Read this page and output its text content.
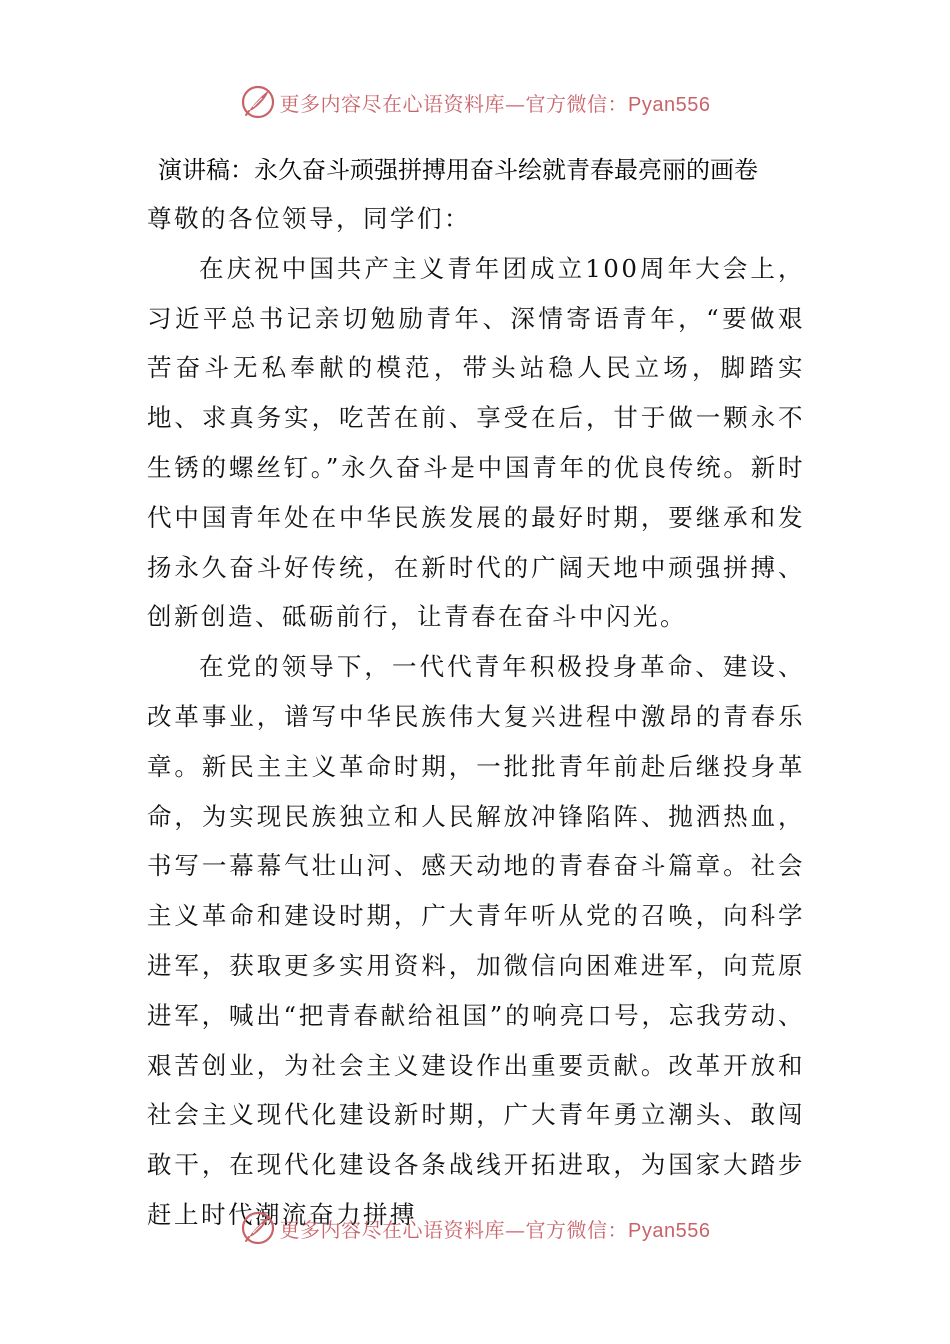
更多内容尽在心语资料库—官方微信：Pyan556
演讲稿：永久奋斗顽强拼搏用奋斗绘就青春最亮丽的画卷

尊敬的各位领导，同学们：

在庆祝中国共产主义青年团成立100周年大会上，习近平总书记亲切勉励青年、深情寄语青年，“要做艰苦奋斗无私奉献的模范，带头站稳人民立场，脚踏实地、求真务实，吃苦在前、享受在后，甘于做一颗永不生锈的螺丝钉。”永久奋斗是中国青年的优良传统。新时代中国青年处在中华民族发展的最好时期，要继承和发扬永久奋斗好传统，在新时代的广阔天地中顽强拼搏、创新创造、砥砺前行，让青春在奋斗中闪光。

在党的领导下，一代代青年积极投身革命、建设、改革事业，谱写中华民族伟大复兴进程中激昂的青春乐章。新民主主义革命时期，一批批青年前赴后继投身革命，为实现民族独立和人民解放冲锋陷阵、抛洒热血，书写一幕幕气壮山河、感天动地的青春奋斗篇章。社会主义革命和建设时期，广大青年听从党的召唤，向科学进军，获取更多实用资料，加微信向困难进军，向荒原进军，喊出“把青春献给祖国”的响亮口号，忘我劳动、艰苦创业，为社会主义建设作出重要贡献。改革开放和社会主义现代化建设新时期，广大青年勇立潮头、敢闯敢干，在现代化建设各条战线开拓进取，为国家大踏步赶上时代潮流奋力拼搏

更多内容尽在心语资料库—官方微信：Pyan556
